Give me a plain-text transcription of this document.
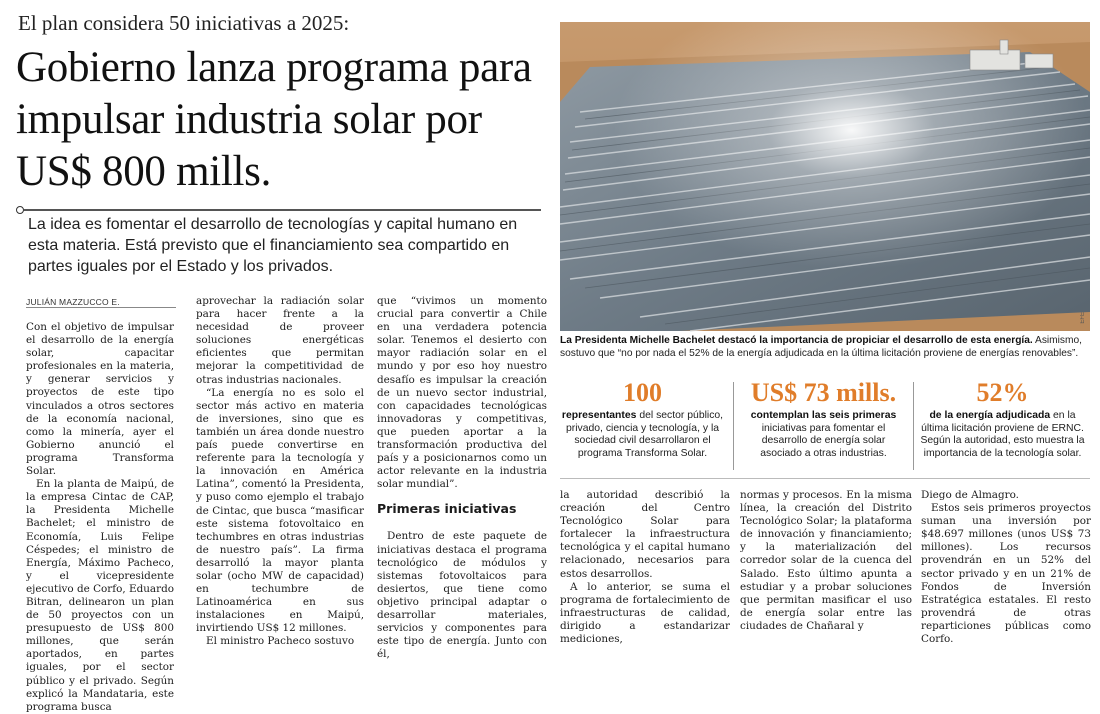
El plan considera 50 iniciativas a 2025:
Gobierno lanza programa para impulsar industria solar por US$ 800 mills.
La idea es fomentar el desarrollo de tecnologías y capital humano en esta materia. Está previsto que el financiamiento sea compartido en partes iguales por el Estado y los privados.
JULIÁN MAZZUCCO E.

Con el objetivo de impulsar el desarrollo de la energía solar, capacitar profesionales en la materia, y generar servicios y proyectos de este tipo vinculados a otros sectores de la economía nacional, como la minería, ayer el Gobierno anunció el programa Transforma Solar.

En la planta de Maipú, de la empresa Cintac de CAP, la Presidenta Michelle Bachelet; el ministro de Economía, Luis Felipe Céspedes; el ministro de Energía, Máximo Pacheco, y el vicepresidente ejecutivo de Corfo, Eduardo Bitran, delinearon un plan de 50 proyectos con un presupuesto de US$ 800 millones, que serán aportados, en partes iguales, por el sector público y el privado. Según explicó la Mandataria, este programa busca

aprovechar la radiación solar para hacer frente a la necesidad de proveer soluciones energéticas eficientes que permitan mejorar la competitividad de otras industrias nacionales.

“La energía no es solo el sector más activo en materia de inversiones, sino que es también un área donde nuestro país puede convertirse en referente para la tecnología y la innovación en América Latina”, comentó la Presidenta, y puso como ejemplo el trabajo de Cintac, que busca “masificar este sistema fotovoltaico en techumbres en otras industrias de nuestro país”. La firma desarrolló la mayor planta solar (ocho MW de capacidad) en techumbre de Latinoamérica en sus instalaciones en Maipú, invirtiendo US$ 12 millones.

El ministro Pacheco sostuvo

que “vivimos un momento crucial para convertir a Chile en una verdadera potencia solar. Tenemos el desierto con mayor radiación solar en el mundo y por eso hoy nuestro desafío es impulsar la creación de un nuevo sector industrial, con capacidades tecnológicas innovadoras y competitivas, que pueden aportar a la transformación productiva del país y a posicionarnos como un actor relevante en la industria solar mundial”.

Primeras iniciativas

Dentro de este paquete de iniciativas destaca el programa tecnológico de módulos y sistemas fotovoltaicos para desiertos, que tiene como objetivo principal adaptar o desarrollar materiales, servicios y componentes para este tipo de energía. Junto con él,

EFE
La Presidenta Michelle Bachelet destacó la importancia de propiciar el desarrollo de esta energía. Asimismo, sostuvo que “no por nada el 52% de la energía adjudicada en la última licitación proviene de energías renovables”.
100
representantes del sector público, privado, ciencia y tecnología, y la sociedad civil desarrollaron el programa Transforma Solar.
US$ 73 mills.
contemplan las seis primeras iniciativas para fomentar el desarrollo de energía solar asociado a otras industrias.
52%
de la energía adjudicada en la última licitación proviene de ERNC. Según la autoridad, esto muestra la importancia de la tecnología solar.

la autoridad describió la creación del Centro Tecnológico Solar para fortalecer la infraestructura tecnológica y el capital humano relacionado, necesarios para estos desarrollos.

A lo anterior, se suma el programa de fortalecimiento de infraestructuras de calidad, dirigido a estandarizar mediciones,

normas y procesos. En la misma línea, la creación del Distrito Tecnológico Solar; la plataforma de innovación y financiamiento; y la materialización del corredor solar de la cuenca del Salado. Esto último apunta a estudiar y a probar soluciones que permitan masificar el uso de energía solar entre las ciudades de Chañaral y

Diego de Almagro.

Estos seis primeros proyectos suman una inversión por $48.697 millones (unos US$ 73 millones). Los recursos provendrán en un 52% del sector privado y en un 21% de Fondos de Inversión Estratégica estatales. El resto provendrá de otras reparticiones públicas como Corfo.
